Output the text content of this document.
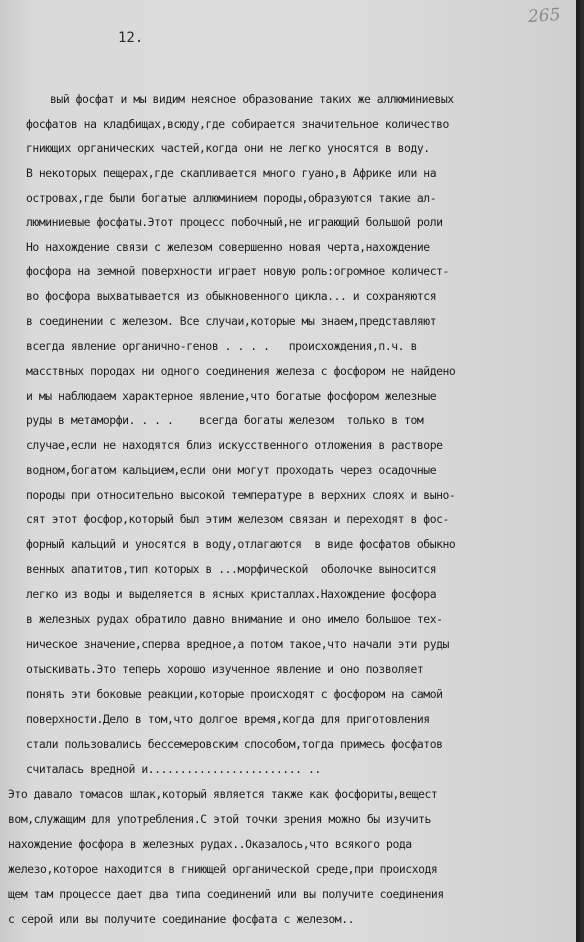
265
12.
вый фосфат и мы видим неясное образование таких же аллюминиевых
фосфатов на кладбищах,всюду,где собирается значительное количество
гниющих органических частей,когда они не легко уносятся в воду.
В некоторых пещерах,где скапливается много гуано,в Африке или на
островах,где были богатые аллюминием породы,образуются такие ал-
люминиевые фосфаты.Этот процесс побочный,не играющий большой роли
Но нахождение связи с железом совершенно новая черта,нахождение
фосфора на земной поверхности играет новую роль:огромное количест-
во фосфора выхватывается из обыкновенного цикла... и сохраняются
в соединении с железом. Все случаи,которые мы знаем,представляют
всегда явление органично-генов . . . .   происхождения,п.ч. в
масствных породах ни одного соединения железа с фосфором не найдено
и мы наблюдаем характерное явление,что богатые фосфором железные
руды в метаморфи. . . .    всегда богаты железом  только в том
случае,если не находятся близ искусственного отложения в растворе
водном,богатом кальцием,если они могут проходать через осадочные
породы при относительно высокой температуре в верхних слоях и выно-
сят этот фосфор,который был этим железом связан и переходят в фос-
форный кальций и уносятся в воду,отлагаются  в виде фосфатов обыкно
венных апатитов,тип которых в ...морфической  оболочке выносится
легко из воды и выделяется в ясных кристаллах.Нахождение фосфора
в железных рудах обратило давно внимание и оно имело большое тех-
ническое значение,сперва вредное,а потом такое,что начали эти руды
отыскивать.Это теперь хорошо изученное явление и оно позволяет
понять эти боковые реакции,которые происходят с фосфором на самой
поверхности.Дело в том,что долгое время,когда для приготовления
стали пользовались бессемеровским способом,тогда примесь фосфатов
считалась вредной и........................ ..
Это давало томасов шлак,который является также как фосфориты,вещест
вом,служащим для употребления.С этой точки зрения можно бы изучить
нахождение фосфора в железных рудах..Оказалось,что всякого рода
железо,которое находится в гниющей органической среде,при происходя
щем там процессе дает два типа соединений или вы получите соединения
с серой или вы получите соединание фосфата с железом..
